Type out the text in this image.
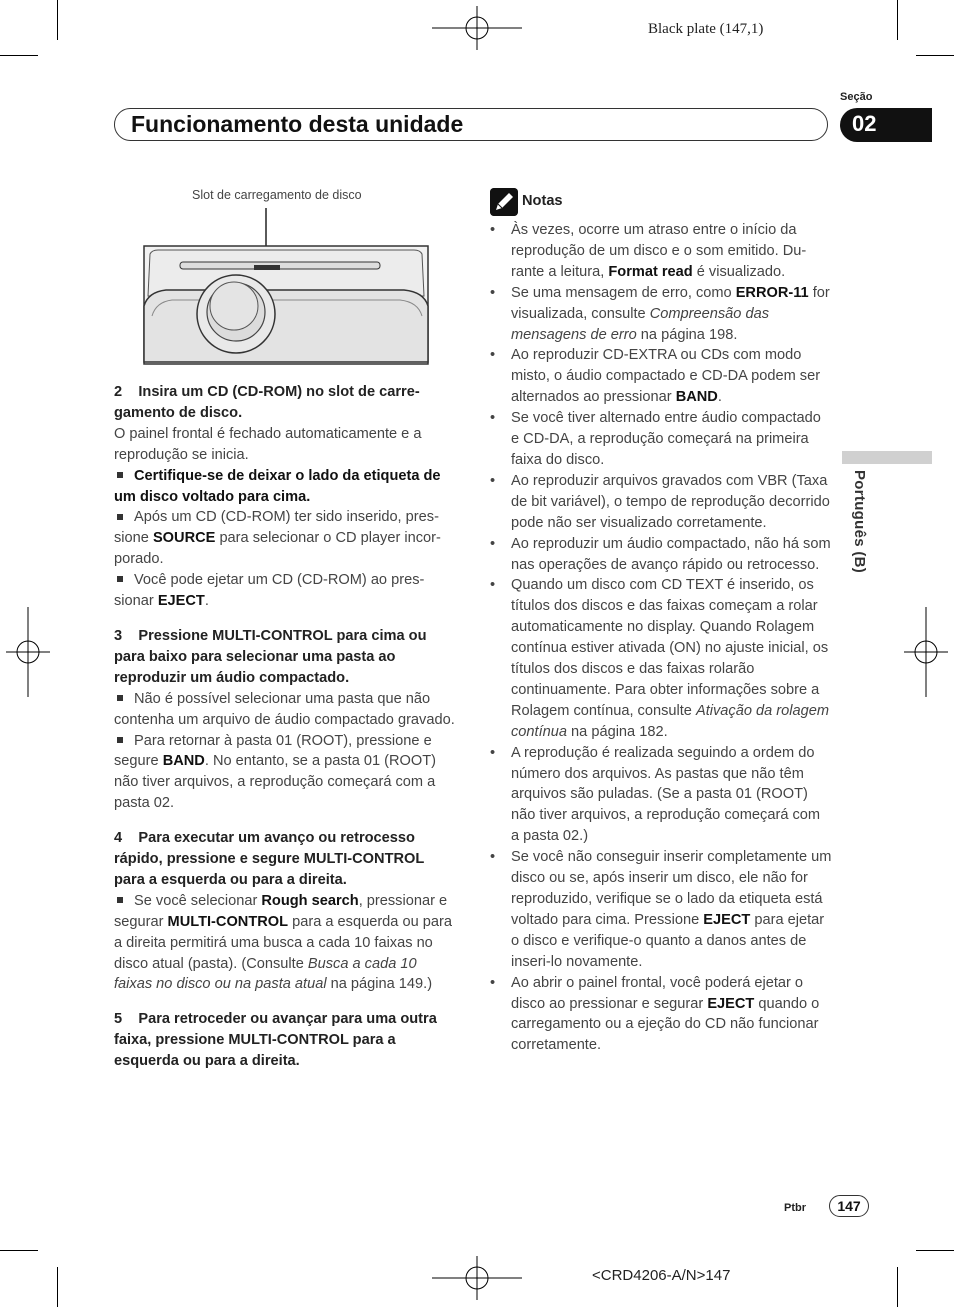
Black plate (147,1)
Seção
Funcionamento desta unidade	02
Português (B)
Slot de carregamento de disco

2 Insira um CD (CD-ROM) no slot de carregamento de disco.

O painel frontal é fechado automaticamente e a reprodução se inicia.

Certifique-se de deixar o lado da etiqueta de um disco voltado para cima.

Após um CD (CD-ROM) ter sido inserido, pressione SOURCE para selecionar o CD player incorporado.

Você pode ejetar um CD (CD-ROM) ao pressionar EJECT.

3 Pressione MULTI-CONTROL para cima ou para baixo para selecionar uma pasta ao reproduzir um áudio compactado.

Não é possível selecionar uma pasta que não contenha um arquivo de áudio compactado gravado.

Para retornar à pasta 01 (ROOT), pressione e segure BAND. No entanto, se a pasta 01 (ROOT) não tiver arquivos, a reprodução começará com a pasta 02.

4 Para executar um avanço ou retrocesso rápido, pressione e segure MULTI-CONTROL para a esquerda ou para a direita.

Se você selecionar Rough search, pressionar e segurar MULTI-CONTROL para a esquerda ou para a direita permitirá uma busca a cada 10 faixas no disco atual (pasta). (Consulte Busca a cada 10 faixas no disco ou na pasta atual na página 149.)

5 Para retroceder ou avançar para uma outra faixa, pressione MULTI-CONTROL para a esquerda ou para a direita.

Notas
• Às vezes, ocorre um atraso entre o início da reprodução de um disco e o som emitido. Durante a leitura, Format read é visualizado.
• Se uma mensagem de erro, como ERROR-11 for visualizada, consulte Compreensão das mensagens de erro na página 198.
• Ao reproduzir CD-EXTRA ou CDs com modo misto, o áudio compactado e CD-DA podem ser alternados ao pressionar BAND.
• Se você tiver alternado entre áudio compactado e CD-DA, a reprodução começará na primeira faixa do disco.
• Ao reproduzir arquivos gravados com VBR (Taxa de bit variável), o tempo de reprodução decorrido pode não ser visualizado corretamente.
• Ao reproduzir um áudio compactado, não há som nas operações de avanço rápido ou retrocesso.
• Quando um disco com CD TEXT é inserido, os títulos dos discos e das faixas começam a rolar automaticamente no display. Quando Rolagem contínua estiver ativada (ON) no ajuste inicial, os títulos dos discos e das faixas rolarão continuamente. Para obter informações sobre a Rolagem contínua, consulte Ativação da rolagem contínua na página 182.
• A reprodução é realizada seguindo a ordem do número dos arquivos. As pastas que não têm arquivos são puladas. (Se a pasta 01 (ROOT) não tiver arquivos, a reprodução começará com a pasta 02.)
• Se você não conseguir inserir completamente um disco ou se, após inserir um disco, ele não for reproduzido, verifique se o lado da etiqueta está voltado para cima. Pressione EJECT para ejetar o disco e verifique-o quanto a danos antes de inseri-lo novamente.
• Ao abrir o painel frontal, você poderá ejetar o disco ao pressionar e segurar EJECT quando o carregamento ou a ejeção do CD não funcionar corretamente.
Ptbr	147
<CRD4206-A/N>147
